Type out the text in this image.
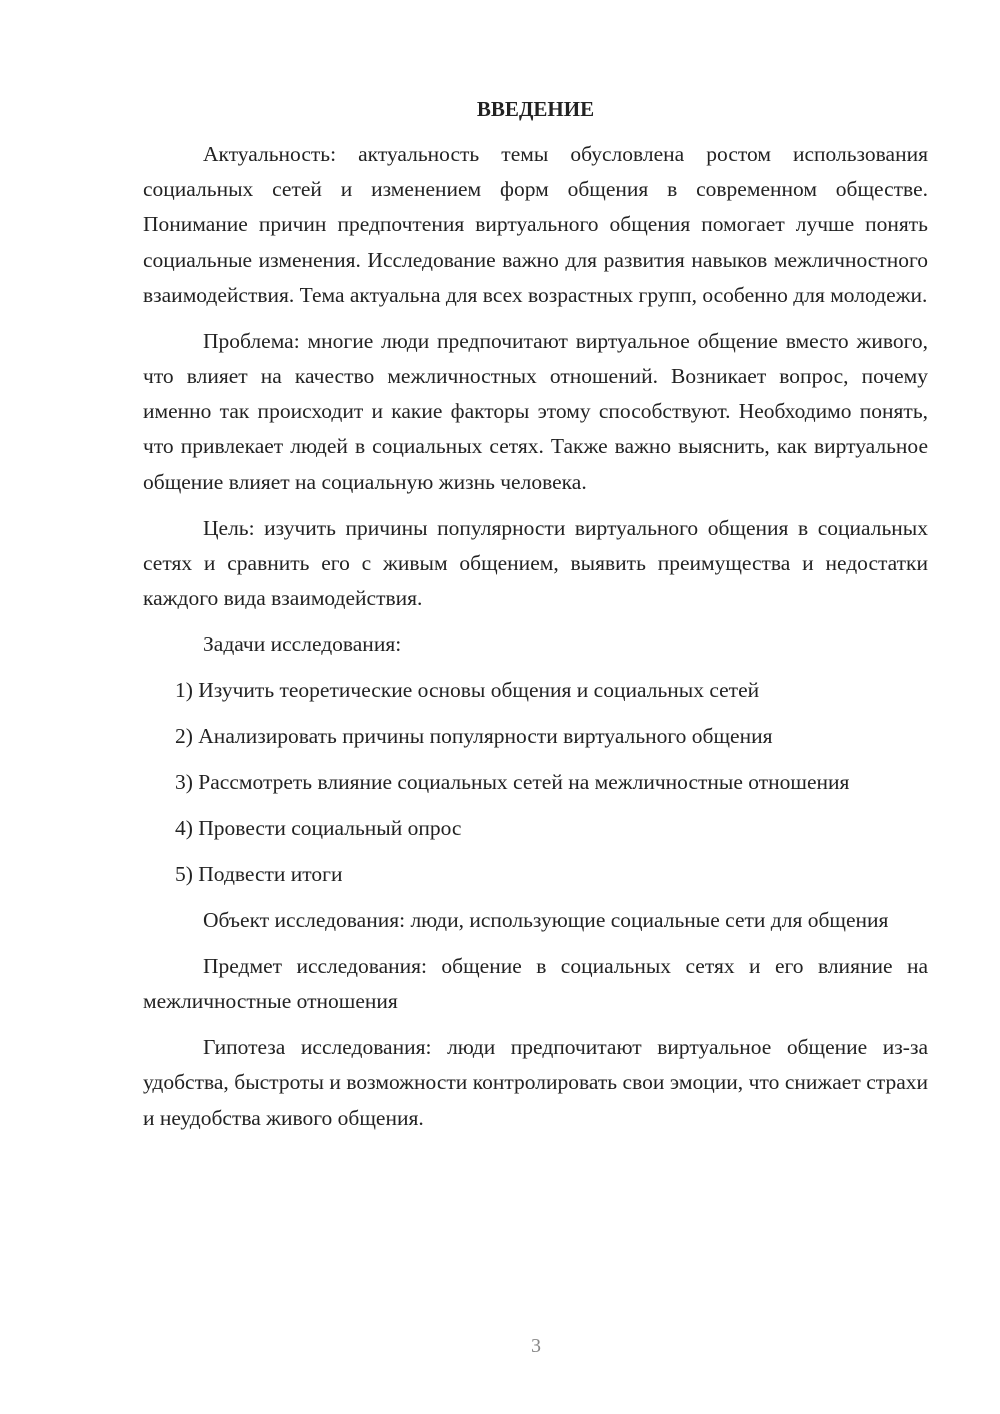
ВВЕДЕНИЕ

Актуальность: актуальность темы обусловлена ростом использования социальных сетей и изменением форм общения в современном обществе. Понимание причин предпочтения виртуального общения помогает лучше понять социальные изменения. Исследование важно для развития навыков межличностного взаимодействия. Тема актуальна для всех возрастных групп, особенно для молодежи.

Проблема: многие люди предпочитают виртуальное общение вместо живого, что влияет на качество межличностных отношений. Возникает вопрос, почему именно так происходит и какие факторы этому способствуют. Необходимо понять, что привлекает людей в социальных сетях. Также важно выяснить, как виртуальное общение влияет на социальную жизнь человека.

Цель: изучить причины популярности виртуального общения в социальных сетях и сравнить его с живым общением, выявить преимущества и недостатки каждого вида взаимодействия.

Задачи исследования:

1) Изучить теоретические основы общения и социальных сетей

2) Анализировать причины популярности виртуального общения

3) Рассмотреть влияние социальных сетей на межличностные отношения

4) Провести социальный опрос

5) Подвести итоги

Объект исследования: люди, использующие социальные сети для общения

Предмет исследования: общение в социальных сетях и его влияние на межличностные отношения

Гипотеза исследования: люди предпочитают виртуальное общение из-за удобства, быстроты и возможности контролировать свои эмоции, что снижает страхи и неудобства живого общения.

3
